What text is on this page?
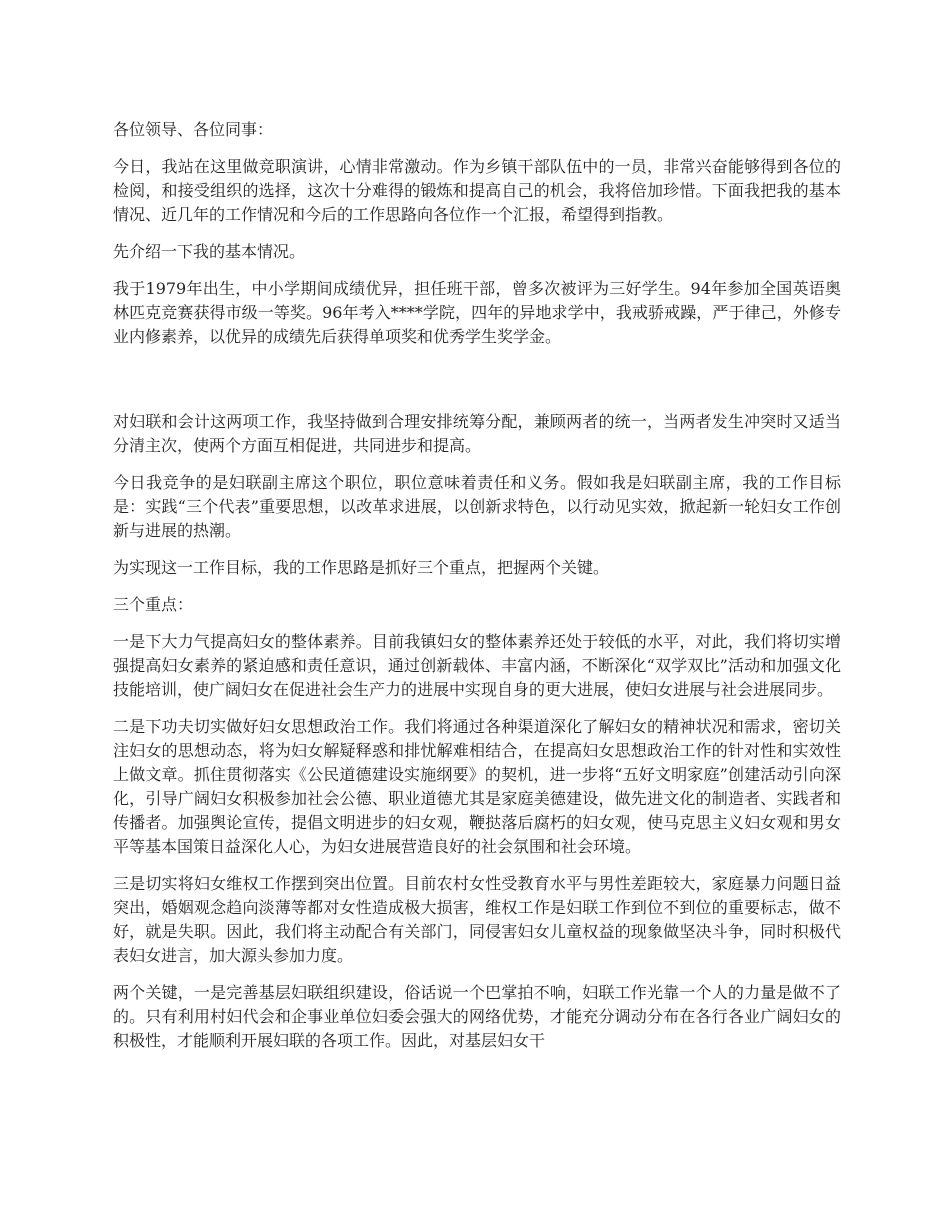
各位领导、各位同事：

今日，我站在这里做竞职演讲，心情非常激动。作为乡镇干部队伍中的一员，非常兴奋能够得到各位的检阅，和接受组织的选择，这次十分难得的锻炼和提高自己的机会，我将倍加珍惜。下面我把我的基本情况、近几年的工作情况和今后的工作思路向各位作一个汇报，希望得到指教。

先介绍一下我的基本情况。

我于1979年出生，中小学期间成绩优异，担任班干部，曾多次被评为三好学生。94年参加全国英语奥林匹克竞赛获得市级一等奖。96年考入****学院，四年的异地求学中，我戒骄戒躁，严于律己，外修专业内修素养，以优异的成绩先后获得单项奖和优秀学生奖学金。

对妇联和会计这两项工作，我坚持做到合理安排统筹分配，兼顾两者的统一，当两者发生冲突时又适当分清主次，使两个方面互相促进，共同进步和提高。

今日我竞争的是妇联副主席这个职位，职位意味着责任和义务。假如我是妇联副主席，我的工作目标是：实践“三个代表”重要思想，以改革求进展，以创新求特色，以行动见实效，掀起新一轮妇女工作创新与进展的热潮。

为实现这一工作目标，我的工作思路是抓好三个重点，把握两个关键。

三个重点：

一是下大力气提高妇女的整体素养。目前我镇妇女的整体素养还处于较低的水平，对此，我们将切实增强提高妇女素养的紧迫感和责任意识，通过创新载体、丰富内涵，不断深化“双学双比”活动和加强文化技能培训，使广阔妇女在促进社会生产力的进展中实现自身的更大进展，使妇女进展与社会进展同步。

二是下功夫切实做好妇女思想政治工作。我们将通过各种渠道深化了解妇女的精神状况和需求，密切关注妇女的思想动态，将为妇女解疑释惑和排忧解难相结合，在提高妇女思想政治工作的针对性和实效性上做文章。抓住贯彻落实《公民道德建设实施纲要》的契机，进一步将“五好文明家庭”创建活动引向深化，引导广阔妇女积极参加社会公德、职业道德尤其是家庭美德建设，做先进文化的制造者、实践者和传播者。加强舆论宣传，提倡文明进步的妇女观，鞭挞落后腐朽的妇女观，使马克思主义妇女观和男女平等基本国策日益深化人心，为妇女进展营造良好的社会氛围和社会环境。

三是切实将妇女维权工作摆到突出位置。目前农村女性受教育水平与男性差距较大，家庭暴力问题日益突出，婚姻观念趋向淡薄等都对女性造成极大损害，维权工作是妇联工作到位不到位的重要标志，做不好，就是失职。因此，我们将主动配合有关部门，同侵害妇女儿童权益的现象做坚决斗争，同时积极代表妇女进言，加大源头参加力度。

两个关键，一是完善基层妇联组织建设，俗话说一个巴掌拍不响，妇联工作光靠一个人的力量是做不了的。只有利用村妇代会和企事业单位妇委会强大的网络优势，才能充分调动分布在各行各业广阔妇女的积极性，才能顺利开展妇联的各项工作。因此，对基层妇女干
